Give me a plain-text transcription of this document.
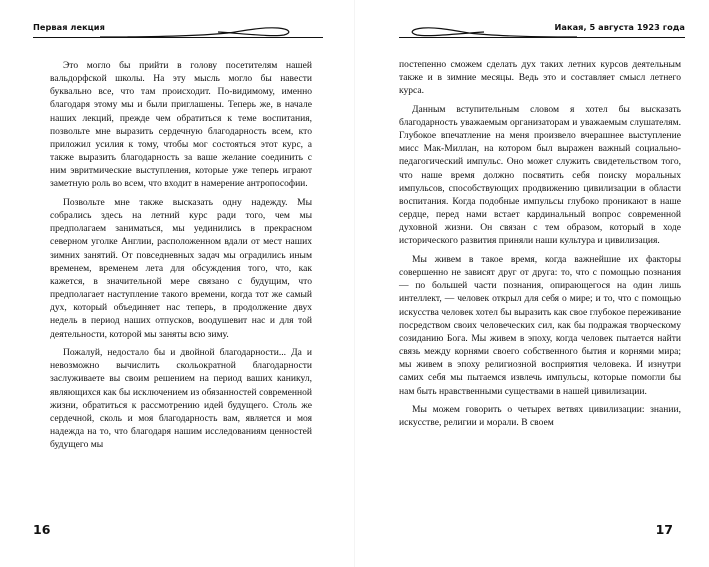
Первая лекция

Это могло бы прийти в голову посетителям нашей вальдорфской школы. На эту мысль могло бы навести буквально все, что там происходит. По-видимому, именно благодаря этому мы и были приглашены. Теперь же, в начале наших лекций, прежде чем обратиться к теме воспитания, позвольте мне выразить сердечную благодарность всем, кто приложил усилия к тому, чтобы мог состояться этот курс, а также выразить благодарность за ваше желание соединить с ним эвритмические выступления, которые уже теперь играют заметную роль во всем, что входит в намерение антропософии.

Позвольте мне также высказать одну надежду. Мы собрались здесь на летний курс ради того, чем мы предполагаем заниматься, мы уединились в прекрасном северном уголке Англии, расположенном вдали от мест наших зимних занятий. От повседневных задач мы оградились иным временем, временем лета для обсуждения того, что, как кажется, в значительной мере связано с будущим, что предполагает наступление такого времени, когда тот же самый дух, который объединяет нас теперь, в продолжение двух недель в период наших отпусков, воодушевит нас и для той деятельности, которой мы заняты всю зиму.

Пожалуй, недостало бы и двойной благодарности... Да и невозможно вычислить скольократной благодарности заслуживаете вы своим решением на период ваших каникул, являющихся как бы исключением из обязанностей современной жизни, обратиться к рассмотрению идей будущего. Столь же сердечной, сколь и моя благодарность вам, является и моя надежда на то, что благодаря нашим исследованиям ценностей будущего мы

16
Иакая, 5 августа 1923 года

постепенно сможем сделать дух таких летних курсов деятельным также и в зимние месяцы. Ведь это и составляет смысл летнего курса.

Данным вступительным словом я хотел бы высказать благодарность уважаемым организаторам и уважаемым слушателям. Глубокое впечатление на меня произвело вчерашнее выступление мисс Мак-Миллан, на котором был выражен важный социально-педагогический импульс. Оно может служить свидетельством того, что наше время должно посвятить себя поиску моральных импульсов, способствующих продвижению цивилизации в области воспитания. Когда подобные импульсы глубоко проникают в наше сердце, перед нами встает кардинальный вопрос современной духовной жизни. Он связан с тем образом, который в ходе исторического развития приняли наши культура и цивилизация.

Мы живем в такое время, когда важнейшие их факторы совершенно не зависят друг от друга: то, что с помощью познания — по большей части познания, опирающегося на один лишь интеллект, — человек открыл для себя о мире; и то, что с помощью искусства человек хотел бы выразить как свое глубокое переживание посредством своих человеческих сил, как бы подражая творческому созиданию Бога. Мы живем в эпоху, когда человек пытается найти связь между корнями своего собственного бытия и корнями мира; мы живем в эпоху религиозной восприятия человека. И изнутри самих себя мы пытаемся извлечь импульсы, которые помогли бы нам быть нравственными существами в нашей цивилизации.

Мы можем говорить о четырех ветвях цивилизации: знании, искусстве, религии и морали. В своем

17
